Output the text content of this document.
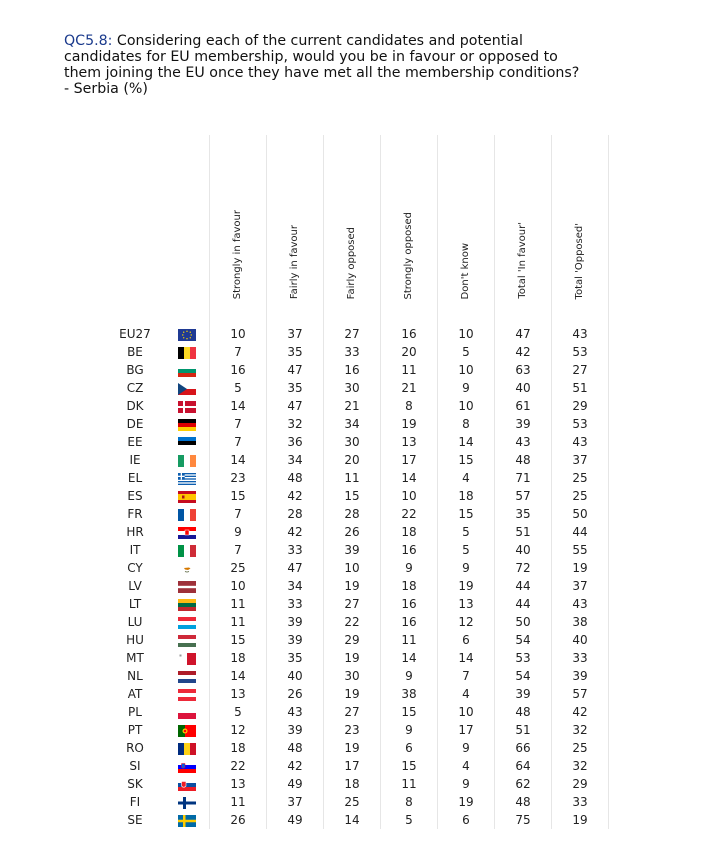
QC5.8: Considering each of the current candidates and potential candidates for EU membership, would you be in favour or opposed to them joining the EU once they have met all the membership conditions? - Serbia (%)

		Strongly in favour	Fairly in favour	Fairly opposed	Strongly opposed	Don't know	Total 'In favour'	Total 'Opposed'

EU27		10	37	27	16	10	47	43
BE		7	35	33	20	5	42	53
BG		16	47	16	11	10	63	27
CZ		5	35	30	21	9	40	51
DK		14	47	21	8	10	61	29
DE		7	32	34	19	8	39	53
EE		7	36	30	13	14	43	43
IE		14	34	20	17	15	48	37
EL		23	48	11	14	4	71	25
ES		15	42	15	10	18	57	25
FR		7	28	28	22	15	35	50
HR		9	42	26	18	5	51	44
IT		7	33	39	16	5	40	55
CY		25	47	10	9	9	72	19
LV		10	34	19	18	19	44	37
LT		11	33	27	16	13	44	43
LU		11	39	22	16	12	50	38
HU		15	39	29	11	6	54	40
MT		18	35	19	14	14	53	33
NL		14	40	30	9	7	54	39
AT		13	26	19	38	4	39	57
PL		5	43	27	15	10	48	42
PT		12	39	23	9	17	51	32
RO		18	48	19	6	9	66	25
SI		22	42	17	15	4	64	32
SK		13	49	18	11	9	62	29
FI		11	37	25	8	19	48	33
SE		26	49	14	5	6	75	19
